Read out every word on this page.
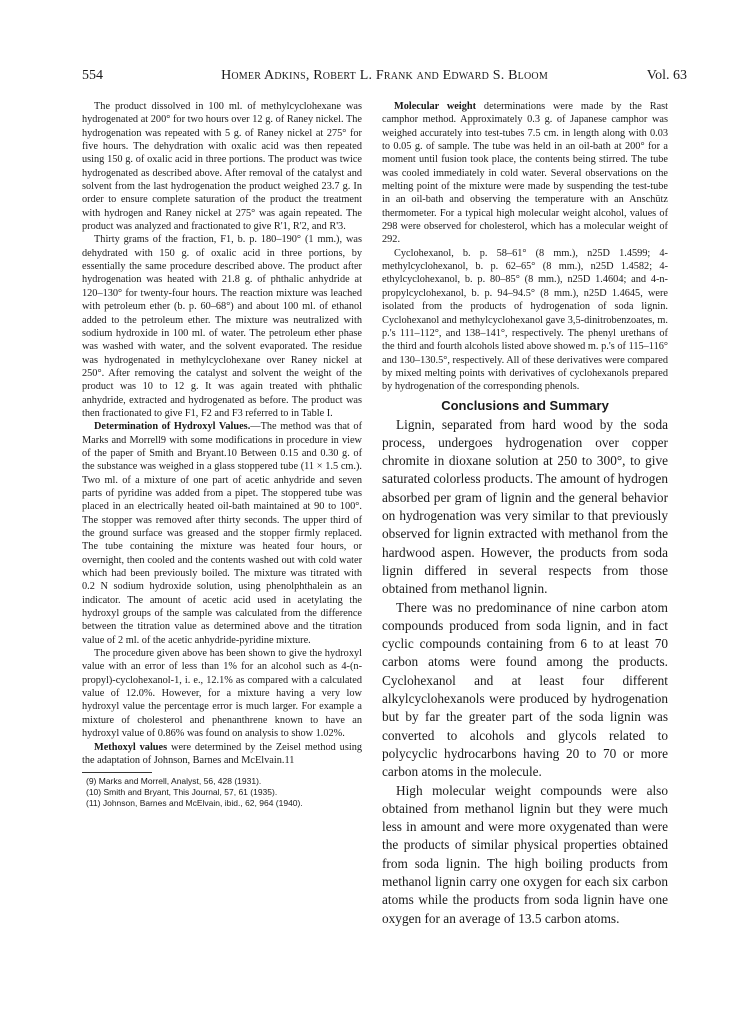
554	Homer Adkins, Robert L. Frank and Edward S. Bloom	Vol. 63

The product dissolved in 100 ml. of methylcyclohexane was hydrogenated at 200° for two hours over 12 g. of Raney nickel. The hydrogenation was repeated with 5 g. of Raney nickel at 275° for five hours. The dehydration with oxalic acid was then repeated using 150 g. of oxalic acid in three portions. The product was twice hydrogenated as described above. After removal of the catalyst and solvent from the last hydrogenation the product weighed 23.7 g. In order to ensure complete saturation of the product the treatment with hydrogen and Raney nickel at 275° was again repeated. The product was analyzed and fractionated to give R'1, R'2, and R'3.

Thirty grams of the fraction, F1, b. p. 180–190° (1 mm.), was dehydrated with 150 g. of oxalic acid in three portions, by essentially the same procedure described above. The product after hydrogenation was heated with 21.8 g. of phthalic anhydride at 120–130° for twenty-four hours. The reaction mixture was leached with petroleum ether (b. p. 60–68°) and about 100 ml. of ethanol added to the petroleum ether. The mixture was neutralized with sodium hydroxide in 100 ml. of water. The petroleum ether phase was washed with water, and the solvent evaporated. The residue was hydrogenated in methylcyclohexane over Raney nickel at 250°. After removing the catalyst and solvent the weight of the product was 10 to 12 g. It was again treated with phthalic anhydride, extracted and hydrogenated as before. The product was then fractionated to give F1, F2 and F3 referred to in Table I.

Determination of Hydroxyl Values.—The method was that of Marks and Morrell9 with some modifications in procedure in view of the paper of Smith and Bryant.10 Between 0.15 and 0.30 g. of the substance was weighed in a glass stoppered tube (11 × 1.5 cm.). Two ml. of a mixture of one part of acetic anhydride and seven parts of pyridine was added from a pipet. The stoppered tube was placed in an electrically heated oil-bath maintained at 90 to 100°. The stopper was removed after thirty seconds. The upper third of the ground surface was greased and the stopper firmly replaced. The tube containing the mixture was heated four hours, or overnight, then cooled and the contents washed out with cold water which had been previously boiled. The mixture was titrated with 0.2 N sodium hydroxide solution, using phenolphthalein as an indicator. The amount of acetic acid used in acetylating the hydroxyl groups of the sample was calculated from the difference between the titration value as determined above and the titration value of 2 ml. of the acetic anhydride-pyridine mixture.

The procedure given above has been shown to give the hydroxyl value with an error of less than 1% for an alcohol such as 4-(n-propyl)-cyclohexanol-1, i. e., 12.1% as compared with a calculated value of 12.0%. However, for a mixture having a very low hydroxyl value the percentage error is much larger. For example a mixture of cholesterol and phenanthrene known to have an hydroxyl value of 0.86% was found on analysis to show 1.02%.

Methoxyl values were determined by the Zeisel method using the adaptation of Johnson, Barnes and McElvain.11

(9) Marks and Morrell, Analyst, 56, 428 (1931).
(10) Smith and Bryant, This Journal, 57, 61 (1935).
(11) Johnson, Barnes and McElvain, ibid., 62, 964 (1940).

Molecular weight determinations were made by the Rast camphor method. Approximately 0.3 g. of Japanese camphor was weighed accurately into test-tubes 7.5 cm. in length along with 0.03 to 0.05 g. of sample. The tube was held in an oil-bath at 200° for a moment until fusion took place, the contents being stirred. The tube was cooled immediately in cold water. Several observations on the melting point of the mixture were made by suspending the test-tube in an oil-bath and observing the temperature with an Anschütz thermometer. For a typical high molecular weight alcohol, values of 298 were observed for cholesterol, which has a molecular weight of 292.

Cyclohexanol, b. p. 58–61° (8 mm.), n25D 1.4599; 4-methylcyclohexanol, b. p. 62–65° (8 mm.), n25D 1.4582; 4-ethylcyclohexanol, b. p. 80–85° (8 mm.), n25D 1.4604; and 4-n-propylcyclohexanol, b. p. 94–94.5° (8 mm.), n25D 1.4645, were isolated from the products of hydrogenation of soda lignin. Cyclohexanol and methylcyclohexanol gave 3,5-dinitrobenzoates, m. p.'s 111–112°, and 138–141°, respectively. The phenyl urethans of the third and fourth alcohols listed above showed m. p.'s of 115–116° and 130–130.5°, respectively. All of these derivatives were compared by mixed melting points with derivatives of cyclohexanols prepared by hydrogenation of the corresponding phenols.

Conclusions and Summary

Lignin, separated from hard wood by the soda process, undergoes hydrogenation over copper chromite in dioxane solution at 250 to 300°, to give saturated colorless products. The amount of hydrogen absorbed per gram of lignin and the general behavior on hydrogenation was very similar to that previously observed for lignin extracted with methanol from the hardwood aspen. However, the products from soda lignin differed in several respects from those obtained from methanol lignin.

There was no predominance of nine carbon atom compounds produced from soda lignin, and in fact cyclic compounds containing from 6 to at least 70 carbon atoms were found among the products. Cyclohexanol and at least four different alkylcyclohexanols were produced by hydrogenation but by far the greater part of the soda lignin was converted to alcohols and glycols related to polycyclic hydrocarbons having 20 to 70 or more carbon atoms in the molecule.

High molecular weight compounds were also obtained from methanol lignin but they were much less in amount and were more oxygenated than were the products of similar physical properties obtained from soda lignin. The high boiling products from methanol lignin carry one oxygen for each six carbon atoms while the products from soda lignin have one oxygen for an average of 13.5 carbon atoms.
